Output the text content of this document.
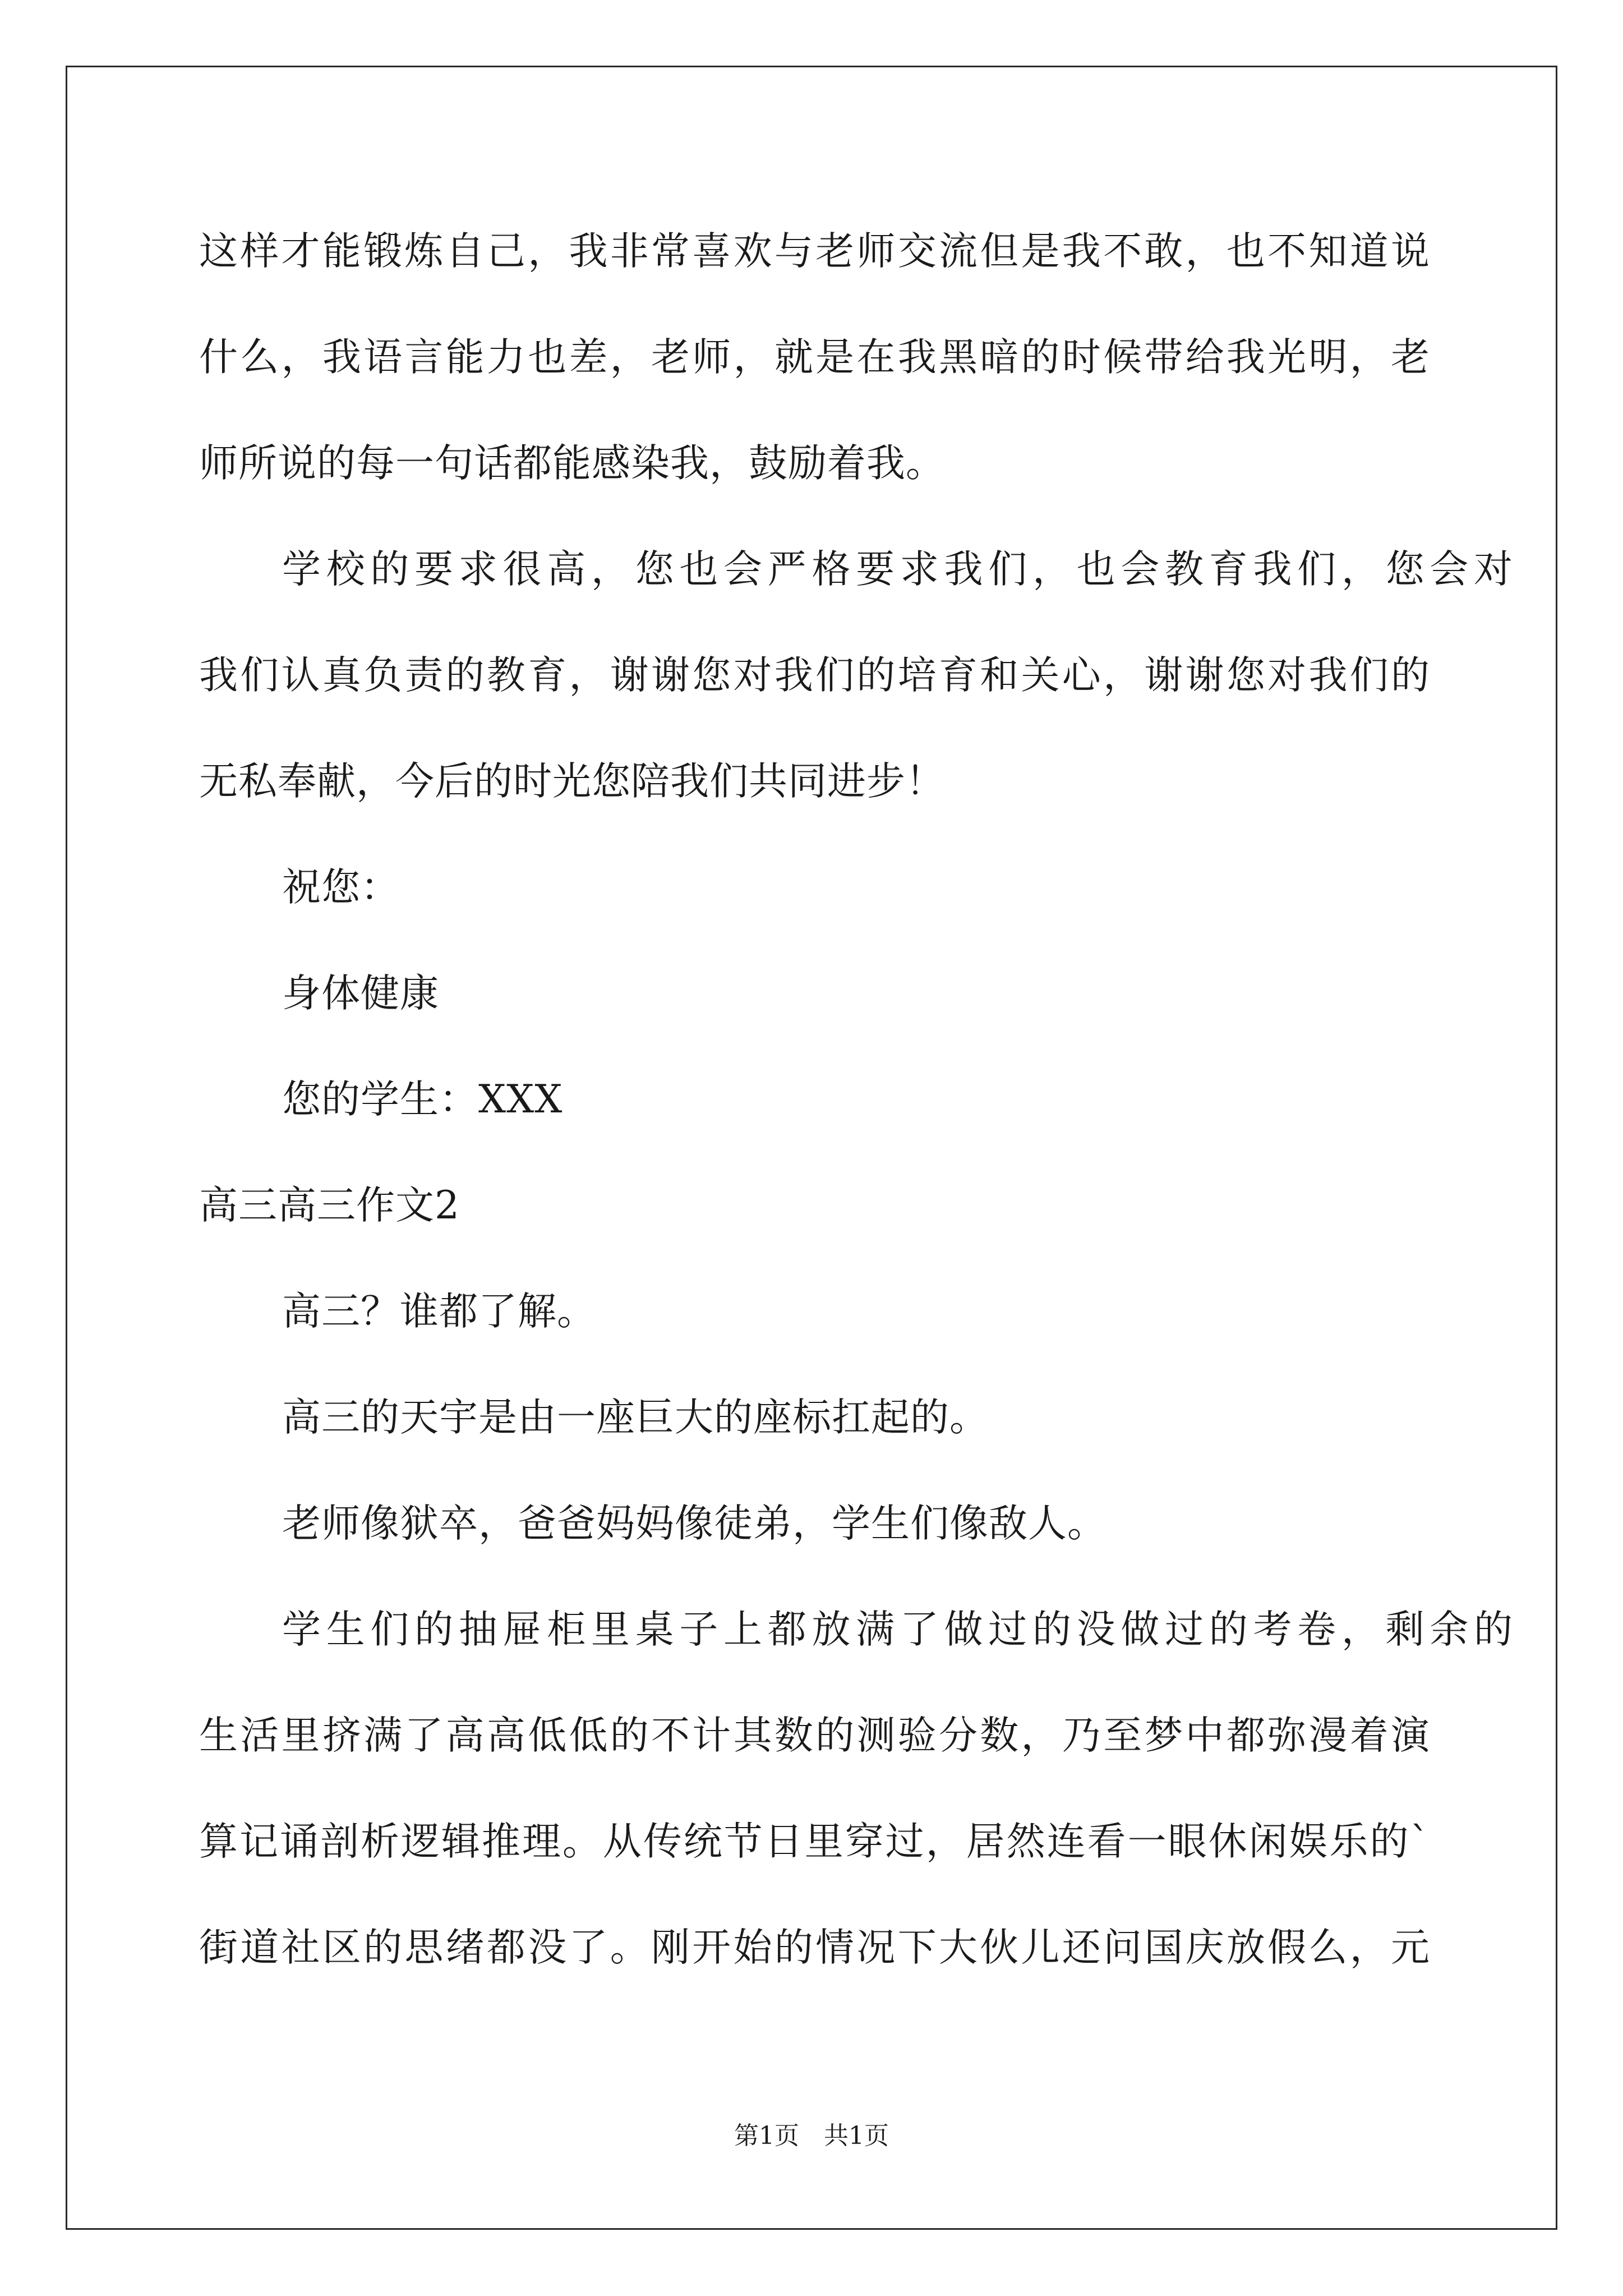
这样才能锻炼自己，我非常喜欢与老师交流但是我不敢，也不知道说
什么，我语言能力也差，老师，就是在我黑暗的时候带给我光明，老
师所说的每一句话都能感染我，鼓励着我。
学校的要求很高，您也会严格要求我们，也会教育我们，您会对
我们认真负责的教育，谢谢您对我们的培育和关心，谢谢您对我们的
无私奉献，今后的时光您陪我们共同进步！
祝您：
身体健康
您的学生：XXX
高三高三作文2
高三？谁都了解。
高三的天宇是由一座巨大的座标扛起的。
老师像狱卒，爸爸妈妈像徒弟，学生们像敌人。
学生们的抽屉柜里桌子上都放满了做过的没做过的考卷，剩余的
生活里挤满了高高低低的不计其数的测验分数，乃至梦中都弥漫着演
算记诵剖析逻辑推理。从传统节日里穿过，居然连看一眼休闲娱乐的`
街道社区的思绪都没了。刚开始的情况下大伙儿还问国庆放假么，元
第1页 共1页
